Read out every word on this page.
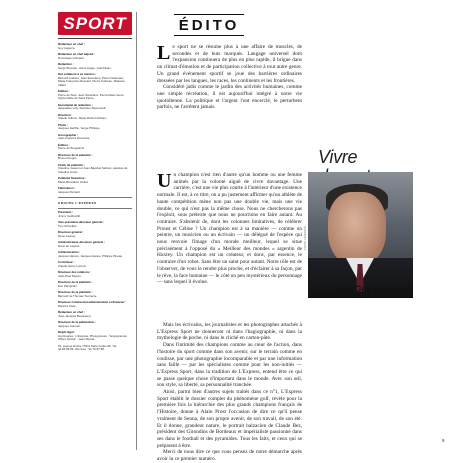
SPORT

Rédacteur en chef :

Guy Lagorce.

Rédacteur en chef adjoint :

Dominique Grimault.

Rédaction :

Serge Bressan, Hervé Hager, Joël Pavan.

Ont collaboré à ce numéro :

Bernard Andrieu, Jean Escudeiro, Pierre Delamaré, Marie-Françoise Mesnard, Pierre Sudreau, Madame Vallier.

Édition :

Pierre de Sant, Jean Sandriaux, Pierre-Marie Serre, Sylvie Marie de Saint Pierre.

Secrétariat de rédaction :

Jacqueline Lefy, Séverine Alamouroff.

Direction :

Claude Subron, Marie-Robert Alcharo.

Photo :

Jacques Jauffrie, Serge Philippe.

Iconographie :

Jean-François Decauste.

Édition :

Pierre de Bougainvil.

Directeur de la publicité :

Bruno Dougne.

Chefs de publicité :

Claudine Gaspot et Jean-Baptiste Sabran, assistés de Claudine Ancel.

Publicité financière :

Marie-Bénédicte Girard.

Fabrication :

Jacques Perrault.

GROUPE L'EXPRESS

Président :

Jimmy Goldsmith.

Vice-président-directeur général :

Tom Schreiber.

Directeur général :

René Launay.

Administrateur-directeur général :

René de Laporte.

Administration :

Jacques Hamon, Jacques Hanus, Philippe Pineau.

Contrôleur :

Claude Henry Lacroix.

Directeur des relations :

Jean-Paul Pignon.

Directeur de la publicité :

Éric Patrignani.

Directeur de la publicité :

Bernard de Thomas Tournerie.

Directeur commercial administration et financier :

Maurice Kiste.

Rédacteur en chef :

Jean-Jacques Beaucamp.

Directeur de la publication :

Jacques Joannet.

Dépôt légal :

Imprimeries : L'Express, Photogravure : Sogrégravure Offset, Dessin : Jean Duprat.

61, avenue Hoche 75411 Paris Cedex 08. Tél. 42.66.99.99. Abonnez : 91.79.87.98.

ÉDITO

Le sport ne se résume plus à une affaire de muscles, de secondes et de buts marqués. Langage universel dont l'expansion continuera de plus en plus rapide, il brigue dans un climat d'émotion et de participation collective à tout autre genre. Un grand événement sportif se joue des barrières ordinaires dressées par les langues, les races, les continents et les frontières.

Considéré jadis comme le jardin des activités humaines, comme une simple récréation, il est aujourd'hui intégré à notre vie quotidienne. La politique et l'argent l'ont encerclé, le perturbent parfois, ne l'arrêtent jamais.

Un champion n'est rien d'autre qu'un homme ou une femme animés par la volonté aiguë de vivre davantage. Une carrière, c'est une vie plus courte à l'intérieur d'une existence normale. Il est, à ce titre, on a pu justement affirmer qu'un athlète de haute compétition mène non pas une double vie, mais une vie double, ce qui n'est pas la même chose. Nous ne chercherons pas l'exploit, sous prétexte que nous ne pourrions en faire autant. Au contraire. S'abstenir de, dont les colonnes limitatives, de célébrer Proust et Céline ? Un champion est à sa manière — comme un peintre, un musicien ou un écrivain — un délégué de l'espèce qui nous renvoie l'image d'un monde meilleur, lequel se situe précisément à l'opposé du « Meilleur des mondes » argentin de Huxley. Un champion est un créateur, et donc, par essence, le contraire d'un robot. Sans être un saint pour autant. Notre rôle est de l'observer, de vous le rendre plus proche, et d'éclairer à sa façon, par le rêve, la face humaine — le côté un peu mystérieux du personnage — sans lequel il évolue.

Mais les écrivains, les journalistes et les photographes attachés à L'Express Sport ne donneront ni dans l'hagiographie, ni dans la mythologie de poche, ni dans le cliché en carton-pâte.

Dans l'intimité des champions comme au cœur de l'action, dans l'histoire du sport comme dans son avenir, sur le terrain comme en coulisse, par une photographie incomparable et par une information sans faille — par les spécialistes comme pour les non-initiés — L'Express Sport, dans la tradition de L'Express, entend être ce qui se passe quelque chose d'important dans le monde. Avec son œil, son style, sa liberté, sa personnalité tranchée.

Ainsi, parmi bien d'autres sujets traités dans ce n°1, L'Express Sport établit le dossier complet du phénomène golf, révèle pour la première fois la hiérarchie des plus grands champions français de l'Histoire, donne à Alain Prost l'occasion de dire ce qu'il pense vraiment de Senna, de son propre avenir, de son travail, de son été. Et il donne, grandeur nature, le portrait balzacien de Claude Bez, président des Girondins de Bordeaux et impérialiste passionné dans ses dans le football et des pyramides. Tous les faits, et ceux qui se préparent à être.

Merci de nous dire ce que vous pensez de notre démarche après avoir lu ce premier numéro.

Vivre
PHOTO L'EXPRESS
par Guy Lagorce
9
